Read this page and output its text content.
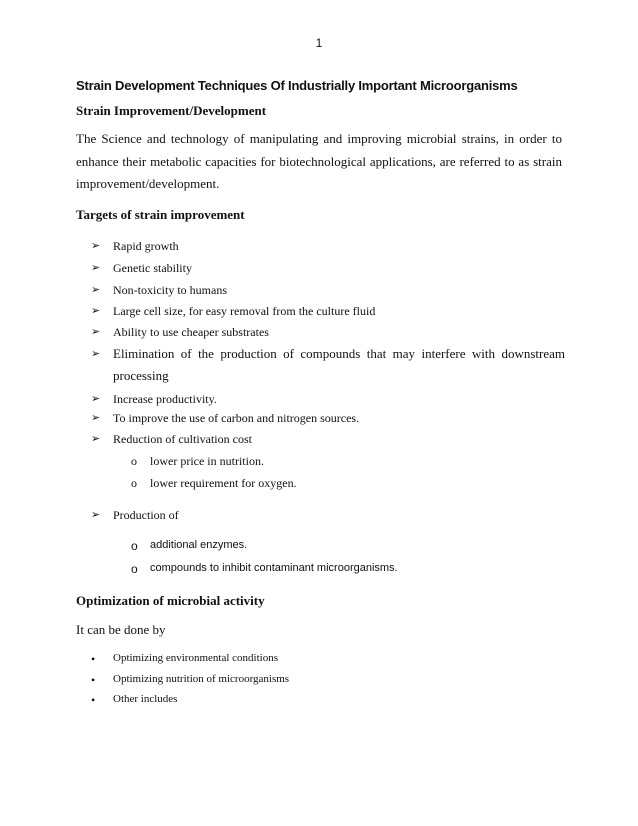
1
Strain Development Techniques Of Industrially Important Microorganisms
Strain Improvement/Development
The Science and technology of manipulating and improving microbial strains, in order to enhance their metabolic capacities for biotechnological applications, are referred to as strain improvement/development.
Targets of strain improvement
➢ Rapid growth
➢ Genetic stability
➢ Non-toxicity to humans
➢ Large cell size, for easy removal from the culture fluid
➢ Ability to use cheaper substrates
➢ Elimination of the production of compounds that may interfere with downstream processing
➢ Increase productivity.
➢ To improve the use of carbon and nitrogen sources.
➢ Reduction of cultivation cost
o lower price in nutrition.
o lower requirement for oxygen.
➢ Production of
o additional enzymes.
o compounds to inhibit contaminant microorganisms.
Optimization of microbial activity
It can be done by
• Optimizing environmental conditions
• Optimizing nutrition of microorganisms
• Other includes
